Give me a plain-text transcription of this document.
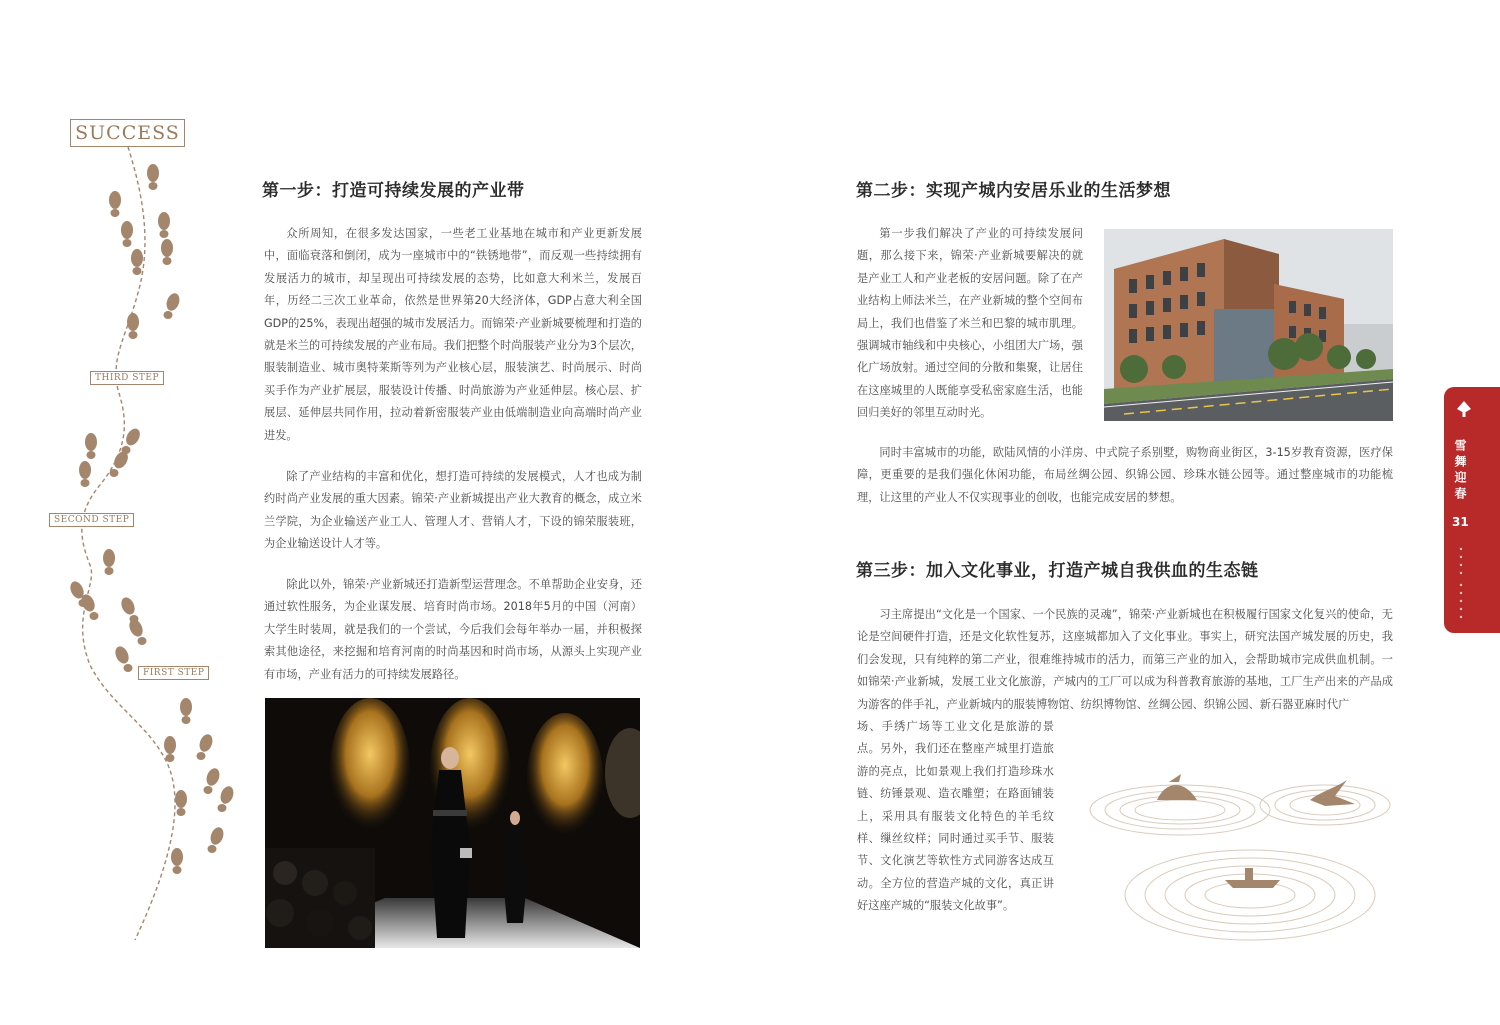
SUCCESS
THIRD STEP
SECOND STEP
FIRST STEP
第一步：打造可持续发展的产业带

众所周知，在很多发达国家，一些老工业基地在城市和产业更新发展中，面临衰落和倒闭，成为一座城市中的“铁锈地带”，而反观一些持续拥有发展活力的城市，却呈现出可持续发展的态势，比如意大利米兰，发展百年，历经二三次工业革命，依然是世界第20大经济体，GDP占意大利全国GDP的25%，表现出超强的城市发展活力。而锦荣·产业新城要梳理和打造的就是米兰的可持续发展的产业布局。我们把整个时尚服装产业分为3个层次，服装制造业、城市奥特莱斯等列为产业核心层，服装演艺、时尚展示、时尚买手作为产业扩展层，服装设计传播、时尚旅游为产业延伸层。核心层、扩展层、延伸层共同作用，拉动着新密服装产业由低端制造业向高端时尚产业进发。

除了产业结构的丰富和优化，想打造可持续的发展模式，人才也成为制约时尚产业发展的重大因素。锦荣·产业新城提出产业大教育的概念，成立米兰学院，为企业输送产业工人、管理人才、营销人才，下设的锦荣服装班，为企业输送设计人才等。

除此以外，锦荣·产业新城还打造新型运营理念。不单帮助企业安身，还通过软性服务，为企业谋发展、培育时尚市场。2018年5月的中国（河南）大学生时装周，就是我们的一个尝试，今后我们会每年举办一届，并积极探索其他途径，来挖掘和培育河南的时尚基因和时尚市场，从源头上实现产业有市场，产业有活力的可持续发展路径。

第二步：实现产城内安居乐业的生活梦想

第一步我们解决了产业的可持续发展问题，那么接下来，锦荣·产业新城要解决的就是产业工人和产业老板的安居问题。除了在产业结构上师法米兰，在产业新城的整个空间布局上，我们也借鉴了米兰和巴黎的城市肌理。强调城市轴线和中央核心，小组团大广场，强化广场放射。通过空间的分散和集聚，让居住在这座城里的人既能享受私密家庭生活，也能回归美好的邻里互动时光。

同时丰富城市的功能，欧陆风情的小洋房、中式院子系别墅，购物商业街区，3-15岁教育资源，医疗保障，更重要的是我们强化休闲功能，布局丝绸公园、织锦公园、珍珠水链公园等。通过整座城市的功能梳理，让这里的产业人不仅实现事业的创收，也能完成安居的梦想。

第三步：加入文化事业，打造产城自我供血的生态链

习主席提出“文化是一个国家、一个民族的灵魂”，锦荣·产业新城也在积极履行国家文化复兴的使命，无论是空间硬件打造，还是文化软性复苏，这座城都加入了文化事业。事实上，研究法国产城发展的历史，我们会发现，只有纯粹的第二产业，很难维持城市的活力，而第三产业的加入，会帮助城市完成供血机制。一如锦荣·产业新城，发展工业文化旅游，产城内的工厂可以成为科普教育旅游的基地，工厂生产出来的产品成为游客的伴手礼，产业新城内的服装博物馆、纺织博物馆、丝绸公园、织锦公园、新石器亚麻时代广

场、手绣广场等工业文化是旅游的景点。另外，我们还在整座产城里打造旅游的亮点，比如景观上我们打造珍珠水链、纺锤景观、造衣雕塑；在路面铺装上，采用具有服装文化特色的羊毛纹样、缫丝纹样；同时通过买手节、服装节、文化演艺等软性方式同游客达成互动。全方位的营造产城的文化，真正讲好这座产城的“服装文化故事”。

雪舞迎春
31
